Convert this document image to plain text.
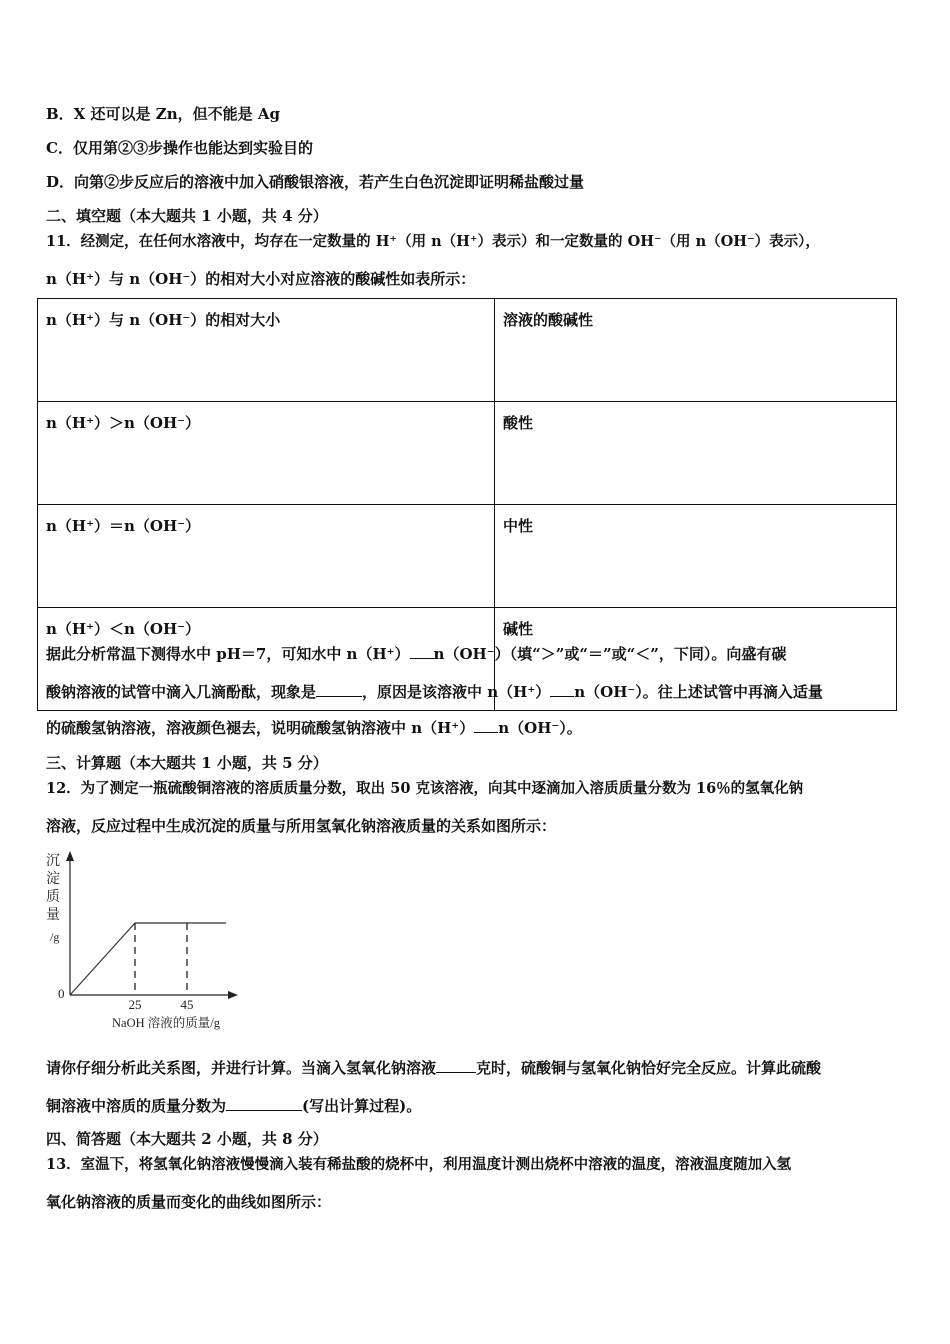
B．X 还可以是 Zn，但不能是 Ag
C．仅用第②③步操作也能达到实验目的
D．向第②步反应后的溶液中加入硝酸银溶液，若产生白色沉淀即证明稀盐酸过量
二、填空题（本大题共 1 小题，共 4 分）
11．经测定，在任何水溶液中，均存在一定数量的 H⁺（用 n（H⁺）表示）和一定数量的 OH⁻（用 n（OH⁻）表示），
n（H⁺）与 n（OH⁻）的相对大小对应溶液的酸碱性如表所示：
n（H⁺）与 n（OH⁻）的相对大小	溶液的酸碱性
n（H⁺）＞n（OH⁻）	酸性
n（H⁺）＝n（OH⁻）	中性
n（H⁺）＜n（OH⁻）	碱性
据此分析常温下测得水中 pH＝7，可知水中 n（H⁺） n（OH⁻）（填“＞”或“＝”或“＜”，下同）。向盛有碳
酸钠溶液的试管中滴入几滴酚酞，现象是	，原因是该溶液中 n（H⁺） n（OH⁻）。往上述试管中再滴入适量
的硫酸氢钠溶液，溶液颜色褪去，说明硫酸氢钠溶液中 n（H⁺） n（OH⁻）。
三、计算题（本大题共 1 小题，共 5 分）
12．为了测定一瓶硫酸铜溶液的溶质质量分数，取出 50 克该溶液，向其中逐滴加入溶质质量分数为 16％的氢氧化钠
溶液，反应过程中生成沉淀的质量与所用氢氧化钠溶液质量的关系如图所示：
沉
淀
质
量
/g
0
25	45
NaOH 溶液的质量/g
请你仔细分析此关系图，并进行计算。当滴入氢氧化钠溶液	克时，硫酸铜与氢氧化钠恰好完全反应。计算此硫酸
铜溶液中溶质的质量分数为	(写出计算过程)。
四、简答题（本大题共 2 小题，共 8 分）
13．室温下，将氢氧化钠溶液慢慢滴入装有稀盐酸的烧杯中，利用温度计测出烧杯中溶液的温度，溶液温度随加入氢
氧化钠溶液的质量而变化的曲线如图所示：
